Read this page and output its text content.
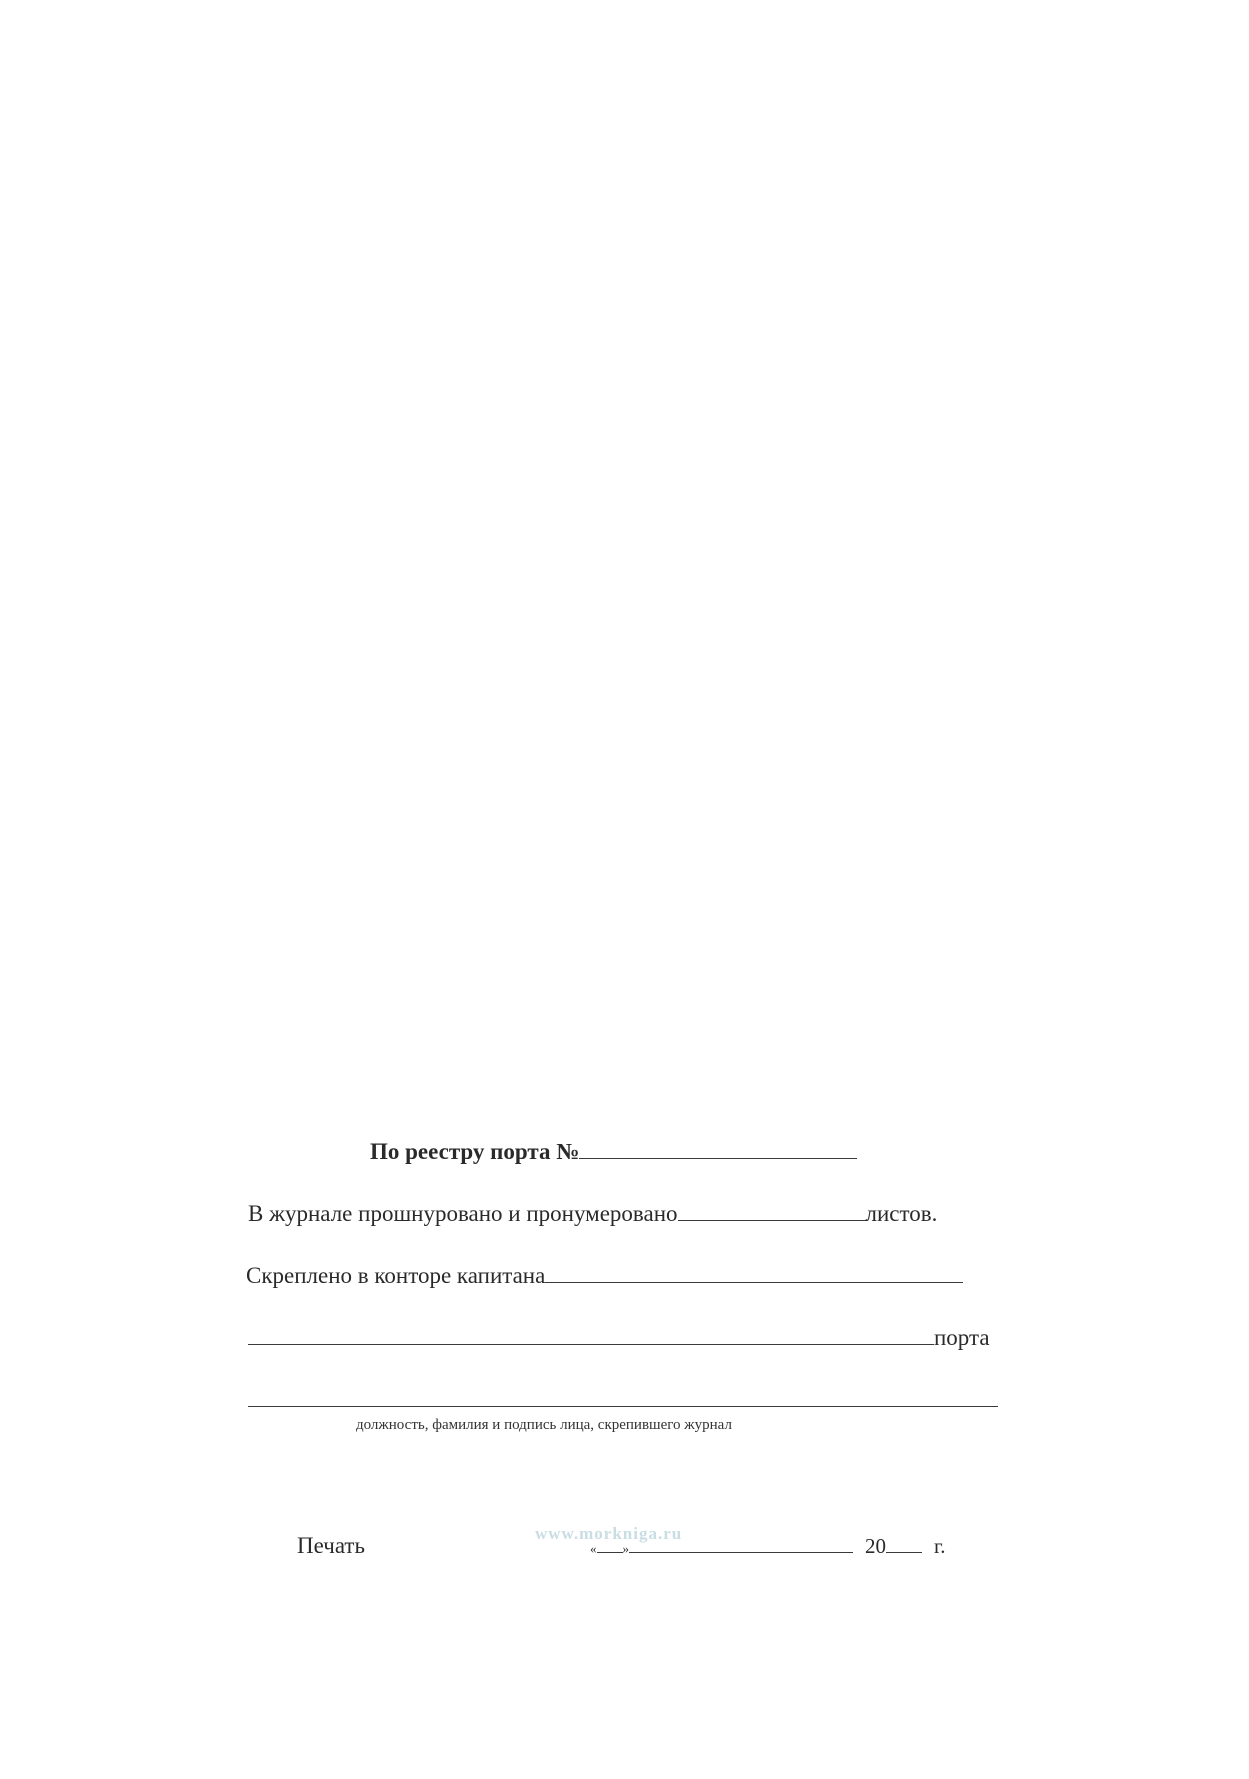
По реестру порта №
В журнале прошнуровано и пронумеровано	листов.
Скреплено в конторе капитана
порта
должность, фамилия и подпись лица, скрепившего журнал
www.morkniga.ru
Печать	« »	20 г.
